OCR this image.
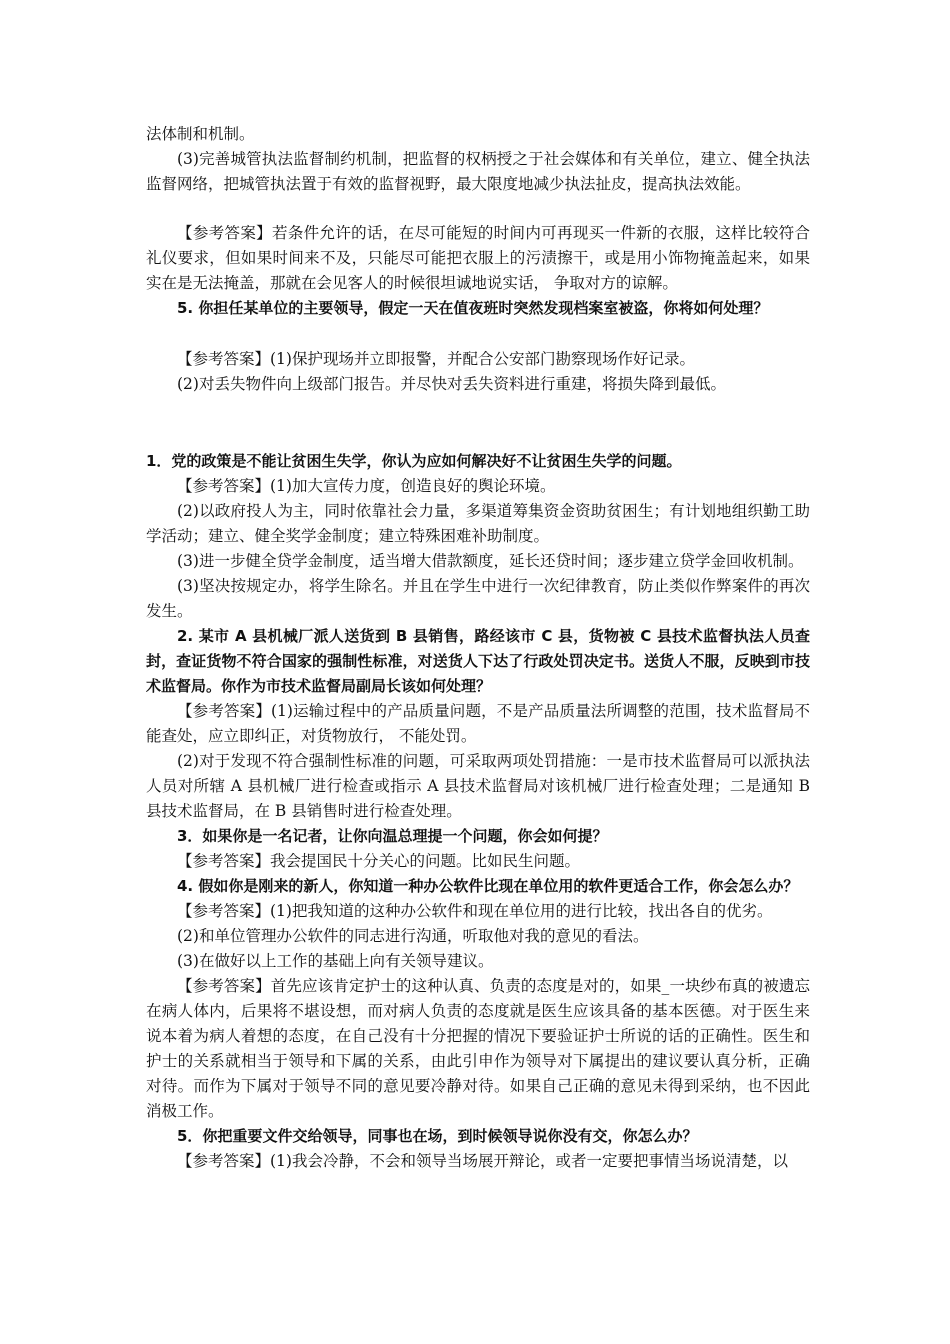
法体制和机制。

(3)完善城管执法监督制约机制，把监督的权柄授之于社会媒体和有关单位，建立、健全执法监督网络，把城管执法置于有效的监督视野，最大限度地减少执法扯皮，提高执法效能。

【参考答案】若条件允许的话，在尽可能短的时间内可再现买一件新的衣服，这样比较符合礼仪要求，但如果时间来不及，只能尽可能把衣服上的污渍擦干，或是用小饰物掩盖起来，如果实在是无法掩盖，那就在会见客人的时候很坦诚地说实话， 争取对方的谅解。

5. 你担任某单位的主要领导，假定一天在值夜班时突然发现档案室被盗，你将如何处理？

【参考答案】(1)保护现场并立即报警，并配合公安部门勘察现场作好记录。

(2)对丢失物件向上级部门报告。并尽快对丢失资料进行重建，将损失降到最低。

1．党的政策是不能让贫困生失学，你认为应如何解决好不让贫困生失学的问题。

【参考答案】(1)加大宣传力度，创造良好的舆论环境。

(2)以政府投人为主，同时依靠社会力量，多渠道筹集资金资助贫困生；有计划地组织勤工助学活动；建立、健全奖学金制度；建立特殊困难补助制度。

(3)进一步健全贷学金制度，适当增大借款额度，延长还贷时间；逐步建立贷学金回收机制。

(3)坚决按规定办，将学生除名。并且在学生中进行一次纪律教育，防止类似作弊案件的再次发生。

2. 某市 A 县机械厂派人送货到 B 县销售，路经该市 C 县，货物被 C 县技术监督执法人员查封，查证货物不符合国家的强制性标准，对送货人下达了行政处罚决定书。送货人不服，反映到市技术监督局。你作为市技术监督局副局长该如何处理？

【参考答案】(1)运输过程中的产品质量问题，不是产品质量法所调整的范围，技术监督局不能查处，应立即纠正，对货物放行， 不能处罚。

(2)对于发现不符合强制性标准的问题，可采取两项处罚措施：一是市技术监督局可以派执法人员对所辖 A 县机械厂进行检查或指示 A 县技术监督局对该机械厂进行检查处理；二是通知 B 县技术监督局，在 B 县销售时进行检查处理。

3．如果你是一名记者，让你向温总理提一个问题，你会如何提？

【参考答案】我会提国民十分关心的问题。比如民生问题。

4. 假如你是刚来的新人，你知道一种办公软件比现在单位用的软件更适合工作，你会怎么办？

【参考答案】(1)把我知道的这种办公软件和现在单位用的进行比较，找出各自的优劣。

(2)和单位管理办公软件的同志进行沟通，听取他对我的意见的看法。

(3)在做好以上工作的基础上向有关领导建议。

【参考答案】首先应该肯定护士的这种认真、负责的态度是对的，如果_一块纱布真的被遗忘在病人体内，后果将不堪设想，而对病人负责的态度就是医生应该具备的基本医德。对于医生来说本着为病人着想的态度，在自己没有十分把握的情况下要验证护士所说的话的正确性。医生和护士的关系就相当于领导和下属的关系，由此引申作为领导对下属提出的建议要认真分析，正确对待。而作为下属对于领导不同的意见要冷静对待。如果自己正确的意见未得到采纳，也不因此消极工作。

5．你把重要文件交给领导，同事也在场，到时候领导说你没有交，你怎么办？

【参考答案】(1)我会冷静，不会和领导当场展开辩论，或者一定要把事情当场说清楚，以
